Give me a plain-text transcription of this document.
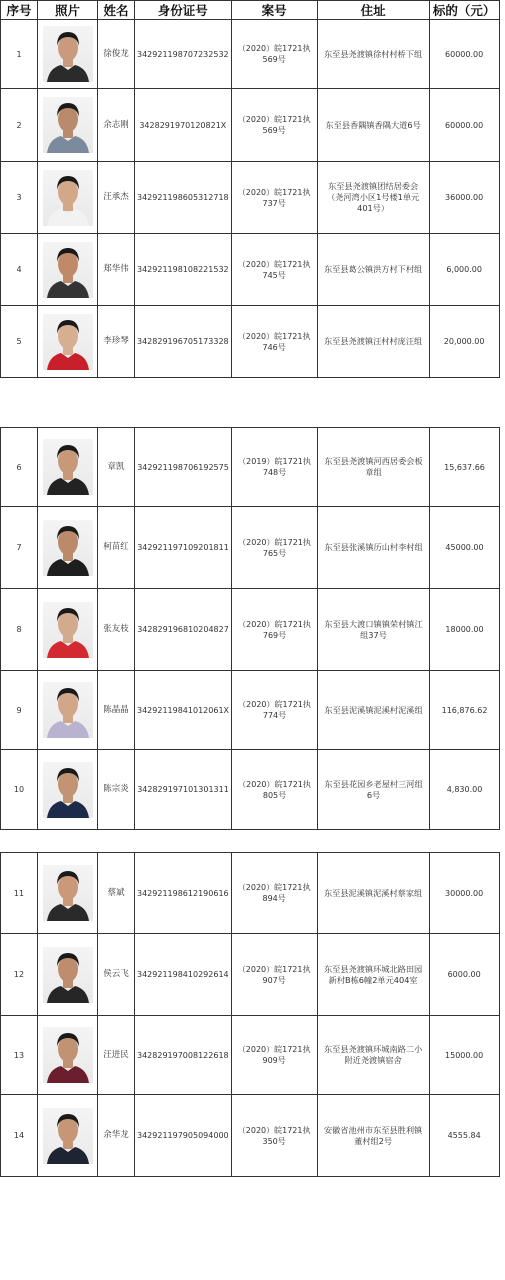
序号	照片	姓名	身份证号	案号	住址	标的（元）
1		徐俊龙	342921198707232532	（2020）皖1721执569号	东至县尧渡镇徐村村桥下组	60000.00
2		余志刚	342829197012082​1X	（2020）皖1721执569号	东至县香隅镇香隅大道6号	60000.00
3		汪承杰	342921198605312718	（2020）皖1721执737号	东至县尧渡镇团结居委会（尧河湾小区1号楼1单元401号）	36000.00
4		郑华伟	342921198108221532	（2020）皖1721执745号	东至县葛公镇洪方村下村组	6,000.00
5		李珍琴	342829196705173328	（2020）皖1721执746号	东至县尧渡镇汪村村庞汪组	20,000.00
6		章凯	342921198706192575	（2019）皖1721执748号	东至县尧渡镇河西居委会板章组	15,637.66
7		柯苗红	342921197109201811	（2020）皖1721执765号	东至县张溪镇历山村李村组	45000.00
8		张友枝	342829196810204827	（2020）皖1721执769号	东至县大渡口镇镇荣村镇江组37号	18000.00
9		陈晶晶	34292119841012061X	（2020）皖1721执774号	东至县泥溪镇泥溪村泥溪组	116,876.62
10		陈宗炎	342829197101301311	（2020）皖1721执805号	东至县花园乡老屋村三河组6号	4,830.00
11		蔡斌	342921198612190616	（2020）皖1721执894号	东至县泥溪镇泥溪村蔡家组	30000.00
12		侯云飞	342921198410292614	（2020）皖1721执907号	东至县尧渡镇环城北路田园新村B栋6幢2单元404室	6000.00
13		汪进民	342829197008122618	（2020）皖1721执909号	东至县尧渡镇环城南路二小附近尧渡镇宿舍	15000.00
14		余华龙	342921197905094000	（2020）皖1721执350号	安徽省池州市东至县胜利镇董村组2号	4555.84
